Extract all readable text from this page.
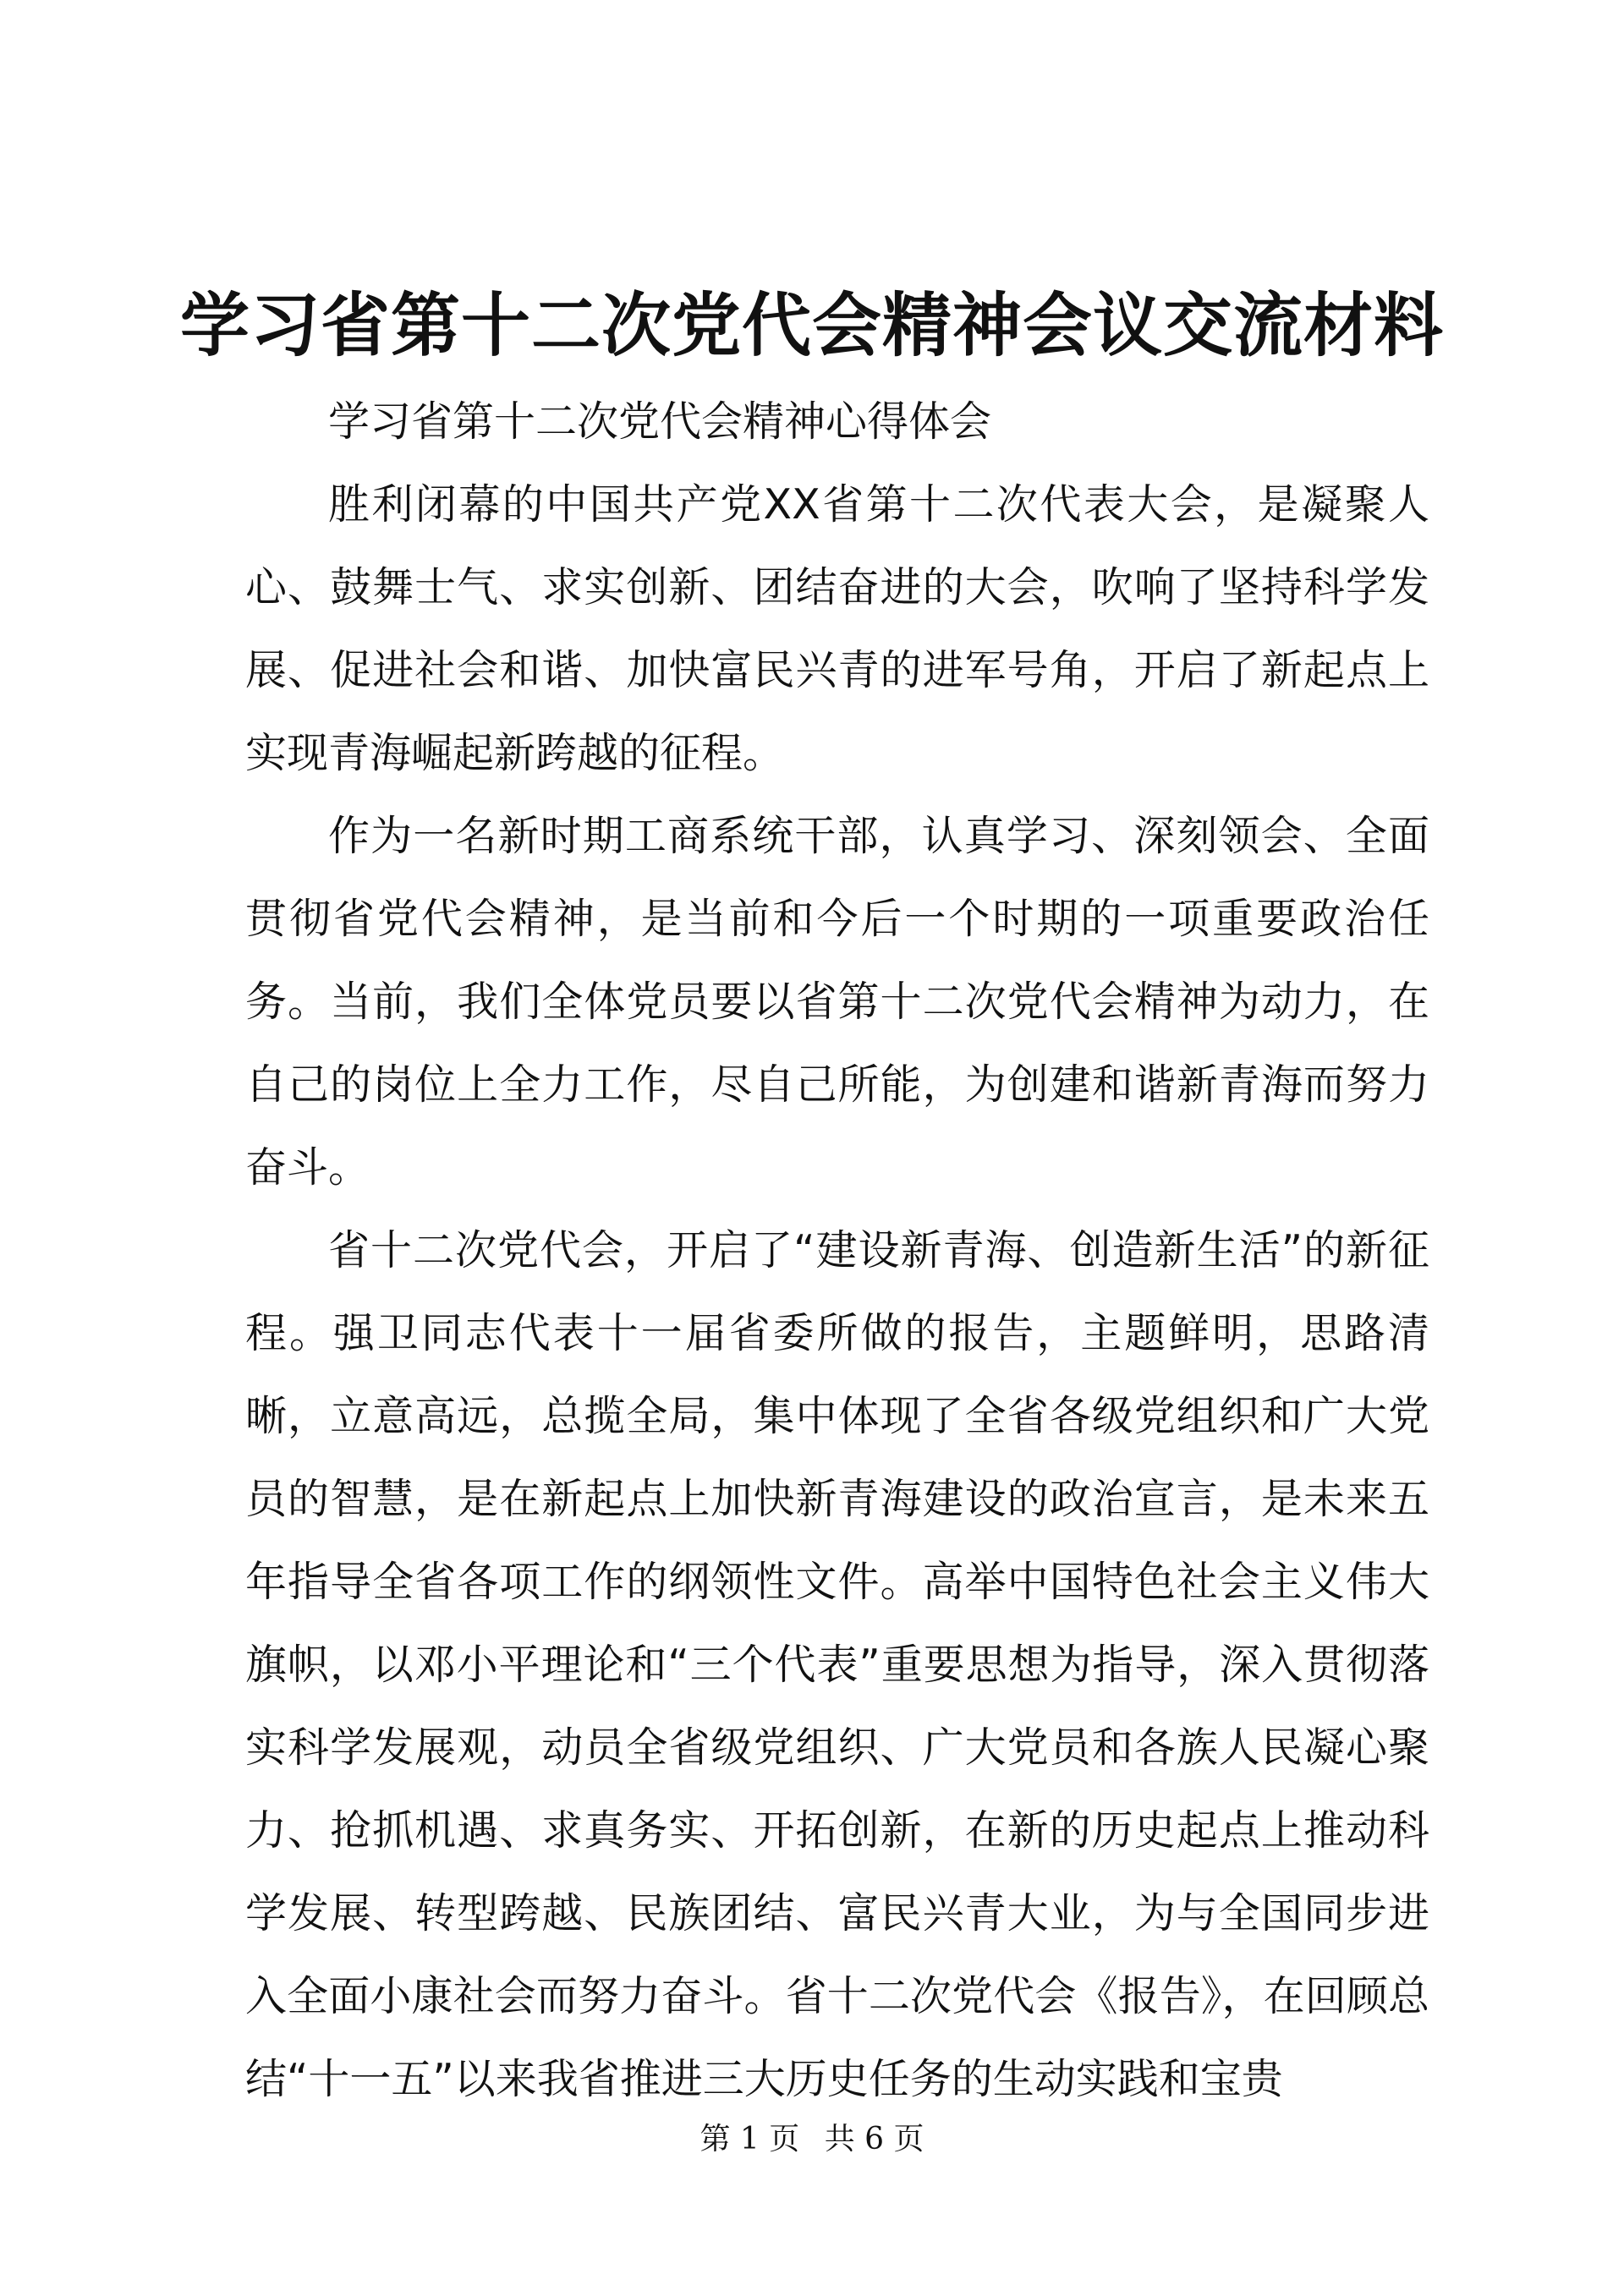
学习省第十二次党代会精神会议交流材料

学习省第十二次党代会精神心得体会

胜利闭幕的中国共产党XX省第十二次代表大会，是凝聚人心、鼓舞士气、求实创新、团结奋进的大会，吹响了坚持科学发展、促进社会和谐、加快富民兴青的进军号角，开启了新起点上实现青海崛起新跨越的征程。

作为一名新时期工商系统干部，认真学习、深刻领会、全面贯彻省党代会精神，是当前和今后一个时期的一项重要政治任务。当前，我们全体党员要以省第十二次党代会精神为动力，在自己的岗位上全力工作，尽自己所能，为创建和谐新青海而努力奋斗。

省十二次党代会，开启了“建设新青海、创造新生活”的新征程。强卫同志代表十一届省委所做的报告，主题鲜明，思路清晰，立意高远，总揽全局，集中体现了全省各级党组织和广大党员的智慧，是在新起点上加快新青海建设的政治宣言，是未来五年指导全省各项工作的纲领性文件。高举中国特色社会主义伟大旗帜，以邓小平理论和“三个代表”重要思想为指导，深入贯彻落实科学发展观，动员全省级党组织、广大党员和各族人民凝心聚力、抢抓机遇、求真务实、开拓创新，在新的历史起点上推动科学发展、转型跨越、民族团结、富民兴青大业，为与全国同步进入全面小康社会而努力奋斗。省十二次党代会《报告》，在回顾总结“十一五”以来我省推进三大历史任务的生动实践和宝贵

第 1 页 共 6 页
